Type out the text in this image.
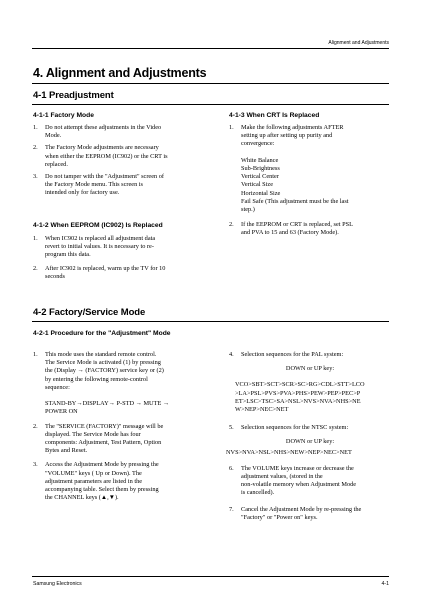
Alignment and Adjustments
4. Alignment and Adjustments
4-1 Preadjustment
4-1-1 Factory Mode
1.	Do not attempt these adjustments in the Video
Mode.
2.	The Factory Mode adjustments are necessary
when either the EEPROM (IC902) or the CRT is
replaced.
3.	Do not tamper with the "Adjustment" screen of
the Factory Mode menu. This screen is
intended only for factory use.
4-1-2 When EEPROM (IC902) Is Replaced
1.	When IC902 is replaced all adjustment data
revert to initial values. It is necessary to re-
program this data.
2.	After IC902 is replaced, warm up the TV for 10
seconds
4-1-3 When CRT Is Replaced
1.	Make the following adjustments AFTER
setting up after setting up purity and
convergence:

White Balance
Sub-Brightness
Vertical Center
Vertical Size
Horizontal Size
Fail Safe (This adjustment must be the last
step.)
2.	If the EEPROM or CRT is replaced, set PSL
and PVA to 15 and 63 (Factory Mode).
4-2 Factory/Service Mode
4-2-1 Procedure for the "Adjustment" Mode
1.	This mode uses the standard remote control.
The Service Mode is activated (1) by pressing
the (Display → (FACTORY) service key or (2)
by entering the following remote-control
sequence:

STAND-BY→DISPLAY→ P-STD → MUTE →
POWER ON
2.	The "SERVICE (FACTORY)" message will be
displayed. The Service Mode has four
components: Adjustment, Test Pattern, Option
Bytes and Reset.
3.	Access the Adjustment Mode by pressing the
"VOLUME" keys ( Up or Down). The
adjustment parameters are listed in the
accompanying table. Select them by pressing
the CHANNEL keys (▲,▼).
4.	Selection sequences for the PAL system:
DOWN or UP key:
VCO>SBT>SCT>SCR>SC>RG>CDL>STT>LCO
>LA>PSL>PVS>PVA>PHS>PEW>PEP>PEC>P
ET>LSC>TSC>SA>NSL>NVS>NVA>NHS>NE
W>NEP>NEC>NET
5.	Selection sequences for the NTSC system:
DOWN or UP key:
NVS>NVA>NSL>NHS>NEW>NEP>NEC>NET
6.	The VOLUME keys increase or decrease the
adjustment values, (stored in the
non-volatile memory when Adjustment Mode
is cancelled).
7.	Cancel the Adjustment Mode by re-pressing the
"Factory" or "Power on" keys.
Samsung Electronics	4-1
